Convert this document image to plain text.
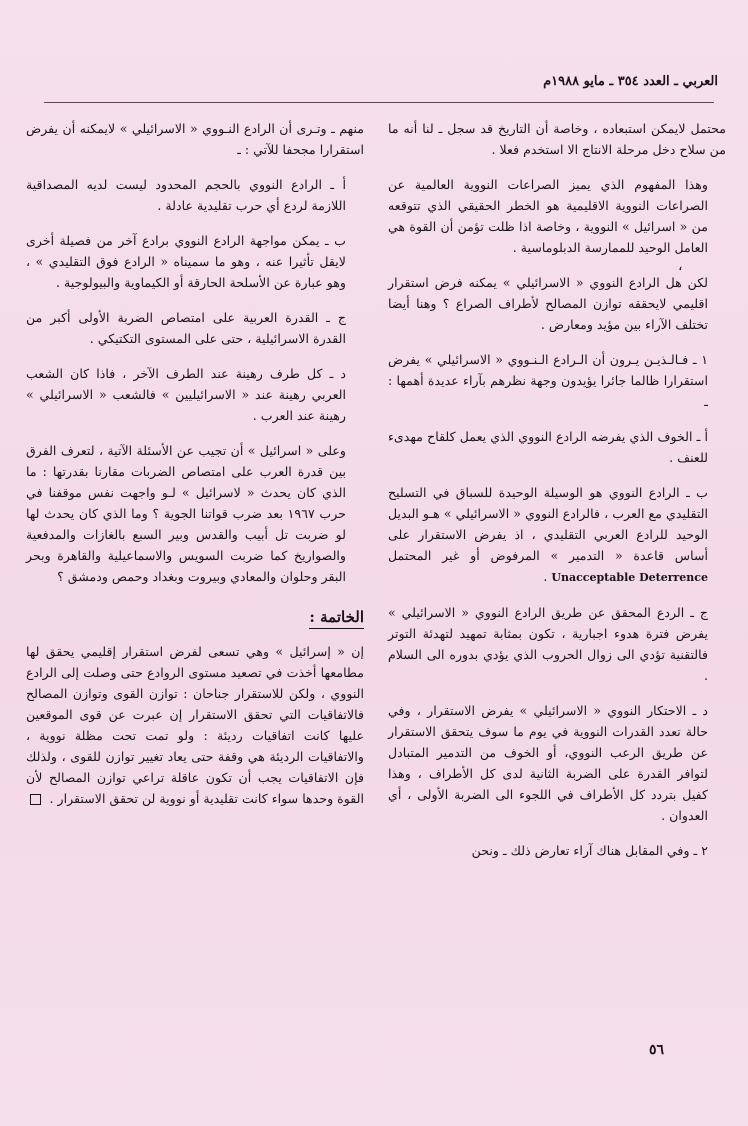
العربي ـ العدد ٣٥٤ ـ مايو ١٩٨٨م
،

محتمل لايمكن استبعاده ، وخاصة أن التاريخ قد سجل ـ لنا أنه ما من سلاح دخل مرحلة الانتاج الا استخدم فعلا .

وهذا المفهوم الذي يميز الصراعات النووية العالمية عن الصراعات النووية الاقليمية هو الخطر الحقيقي الذي تتوقعه من « اسرائيل » النووية ، وخاصة اذا ظلت تؤمن أن القوة هي العامل الوحيد للممارسة الدبلوماسية .

لكن هل الرادع النووي « الاسرائيلي » يمكنه فرض استقرار اقليمي لايحققه توازن المصالح لأطراف الصراع ؟ وهنا أيضا تختلف الآراء بين مؤيد ومعارض .

١ ـ فـالـذيـن يـرون أن الـرادع الـنـووي « الاسرائيلي » يفرض استقرارا ظالما جائرا يؤيدون وجهة نظرهم بآراء عديدة أهمها : ـ

أ ـ الخوف الذي يفرضه الرادع النووي الذي يعمل كلقاح مهدىء للعنف .

ب ـ الرادع النووي هو الوسيلة الوحيدة للسباق في التسليح التقليدي مع العرب ، فالرادع النووي « الاسرائيلي » هـو البديل الوحيد للرادع العربي التقليدي ، اذ يفرض الاستقرار على أساس قاعدة « التدمير » المرفوض أو غير المحتمل Unacceptable Deterrence .

ج ـ الردع المحقق عن طريق الرادع النووي « الاسرائيلي » يفرض فترة هدوء اجبارية ، تكون بمثابة تمهيد لتهدئة التوتر فالتقنية تؤدي الى زوال الحروب الذي يؤدي بدوره الى السلام .

د ـ الاحتكار النووي « الاسرائيلي » يفرض الاستقرار ، وفي حالة تعدد القدرات النووية في يوم ما سوف يتحقق الاستقرار عن طريق الرعب النووي، أو الخوف من التدمير المتبادل لتوافر القدرة على الضربة الثانية لدى كل الأطراف ، وهذا كفيل بتردد كل الأطراف في اللجوء الى الضربة الأولى ، أي العدوان .

٢ ـ وفي المقابل هناك آراء تعارض ذلك ـ ونحن

منهم ـ وتـرى أن الرادع النـووي « الاسرائيلي » لايمكنه أن يفرض استقرارا مجحفا للآتي : ـ

أ ـ الرادع النووي بالحجم المحدود ليست لديه المصداقية اللازمة لردع أي حرب تقليدية عادلة .

ب ـ يمكن مواجهة الرادع النووي برادع آخر من فصيلة أخرى لايقل تأثيرا عنه ، وهو ما سميناه « الرادع فوق التقليدي » ، وهو عبارة عن الأسلحة الحارقة أو الكيماوية والبيولوجية .

ج ـ القدرة العربية على امتصاص الضربة الأولى أكبر من القدرة الاسرائيلية ، حتى على المستوى التكتيكي .

د ـ كل طرف رهينة عند الطرف الآخر ، فاذا كان الشعب العربي رهينة عند « الاسرائيليين » فالشعب « الاسرائيلي » رهينة عند العرب .

وعلى « اسرائيل » أن تجيب عن الأسئلة الآتية ، لتعرف الفرق بين قدرة العرب على امتصاص الضربات مقارنا بقدرتها : ما الذي كان يحدث « لاسرائيل » لـو واجهت نفس موقفنا في حرب ١٩٦٧ بعد ضرب قواتنا الجوية ؟ وما الذي كان يحدث لها لو ضربت تل أبيب والقدس وبير السبع بالغازات والمدفعية والصواريخ كما ضربت السويس والاسماعيلية والقاهرة وبحر البقر وحلوان والمعادي وبيروت وبغداد وحمص ودمشق ؟

الخاتمة :

إن « إسرائيل » وهي تسعى لفرض استقرار إقليمي يحقق لها مطامعها أخذت في تصعيد مستوى الروادع حتى وصلت إلى الرادع النووي ، ولكن للاستقرار جناحان : توازن القوى وتوازن المصالح فالاتفاقيات التي تحقق الاستقرار إن عبرت عن قوى الموقعين عليها كانت اتفاقيات رديئة : ولو تمت تحت مظلة نووية ، والاتفاقيات الرديئة هي وقفة حتى يعاد تغيير توازن للقوى ، ولذلك فإن الاتفاقيات يجب أن تكون عاقلة تراعي توازن المصالح لأن القوة وحدها سواء كانت تقليدية أو نووية لن تحقق الاستقرار .

٥٦
